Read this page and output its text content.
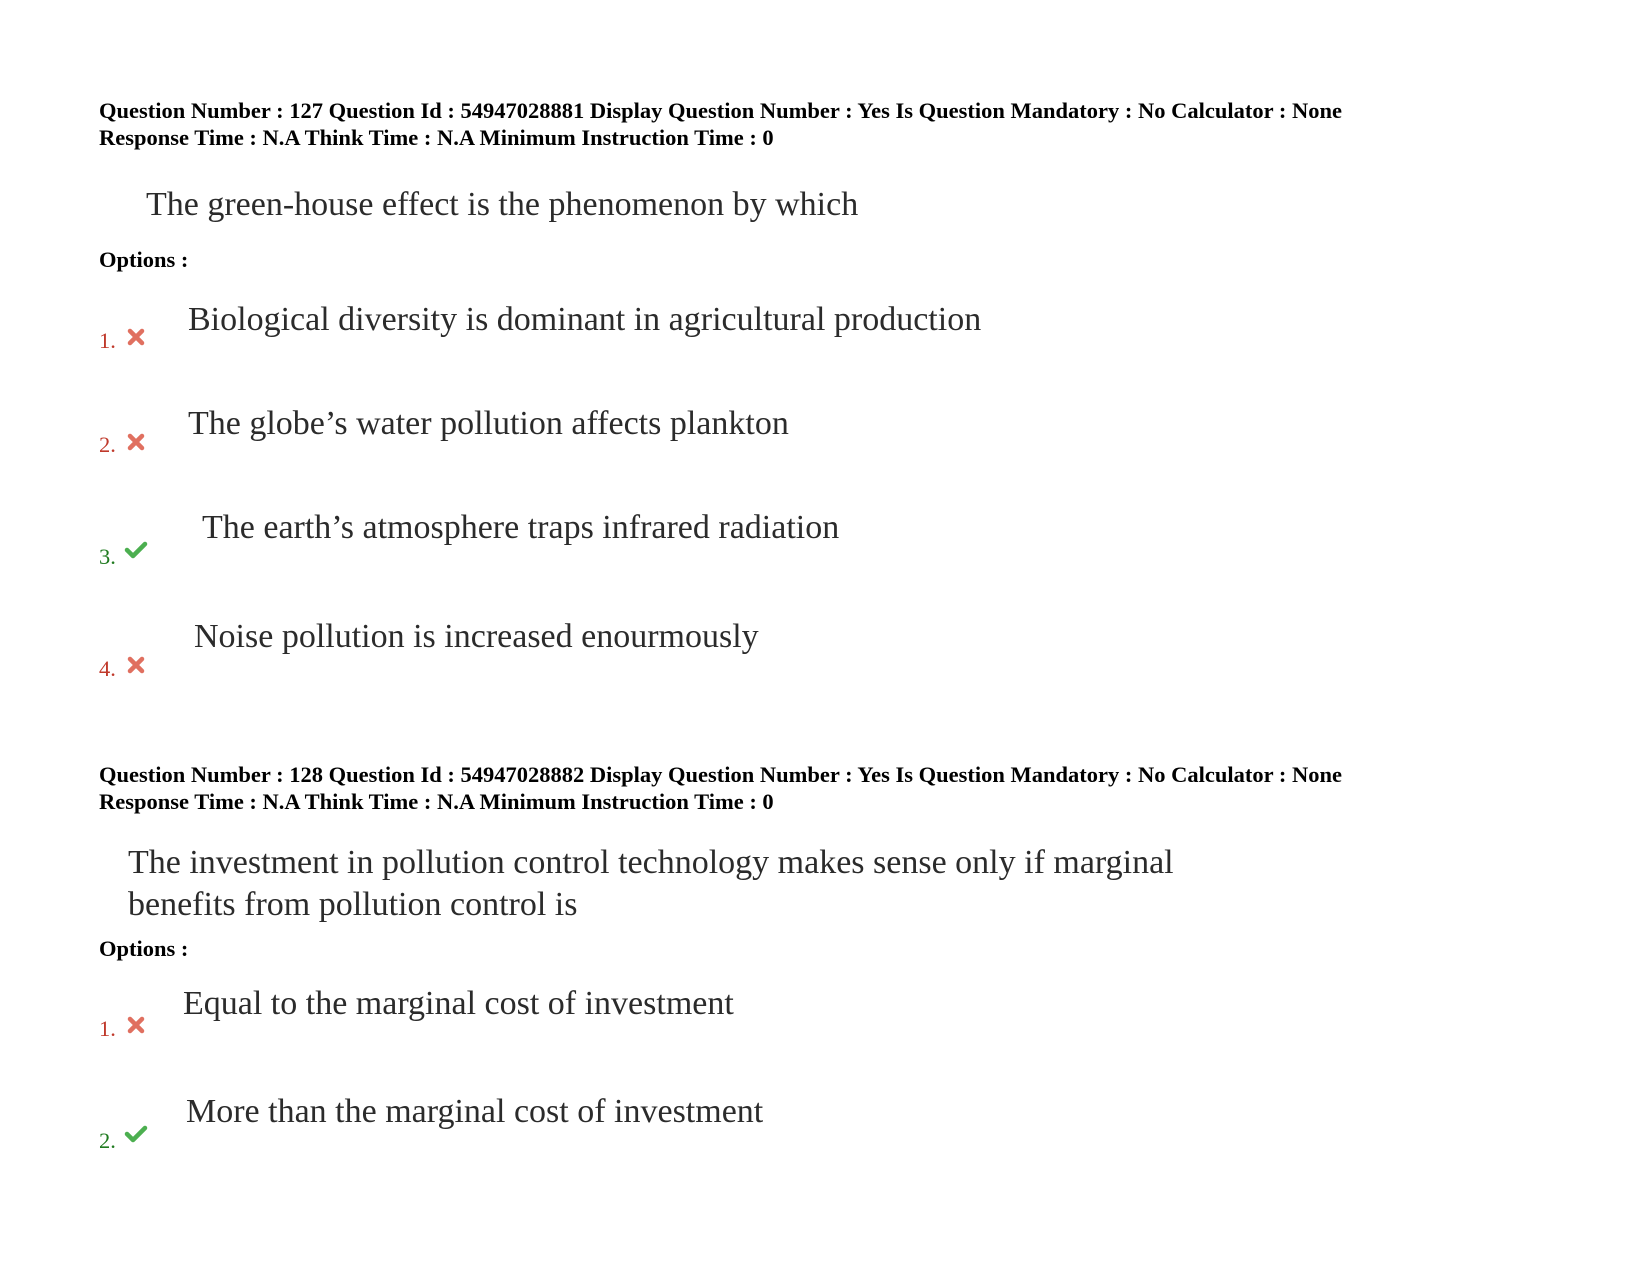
Question Number : 127 Question Id : 54947028881 Display Question Number : Yes Is Question Mandatory : No Calculator : None
Response Time : N.A Think Time : N.A Minimum Instruction Time : 0
The green-house effect is the phenomenon by which
Options :
1.
Biological diversity is dominant in agricultural production
2.
The globe’s water pollution affects plankton
3.
The earth’s atmosphere traps infrared radiation
4.
Noise pollution is increased enourmously
Question Number : 128 Question Id : 54947028882 Display Question Number : Yes Is Question Mandatory : No Calculator : None
Response Time : N.A Think Time : N.A Minimum Instruction Time : 0
The investment in pollution control technology makes sense only if marginal
benefits from pollution control is
Options :
1.
Equal to the marginal cost of investment
2.
More than the marginal cost of investment
